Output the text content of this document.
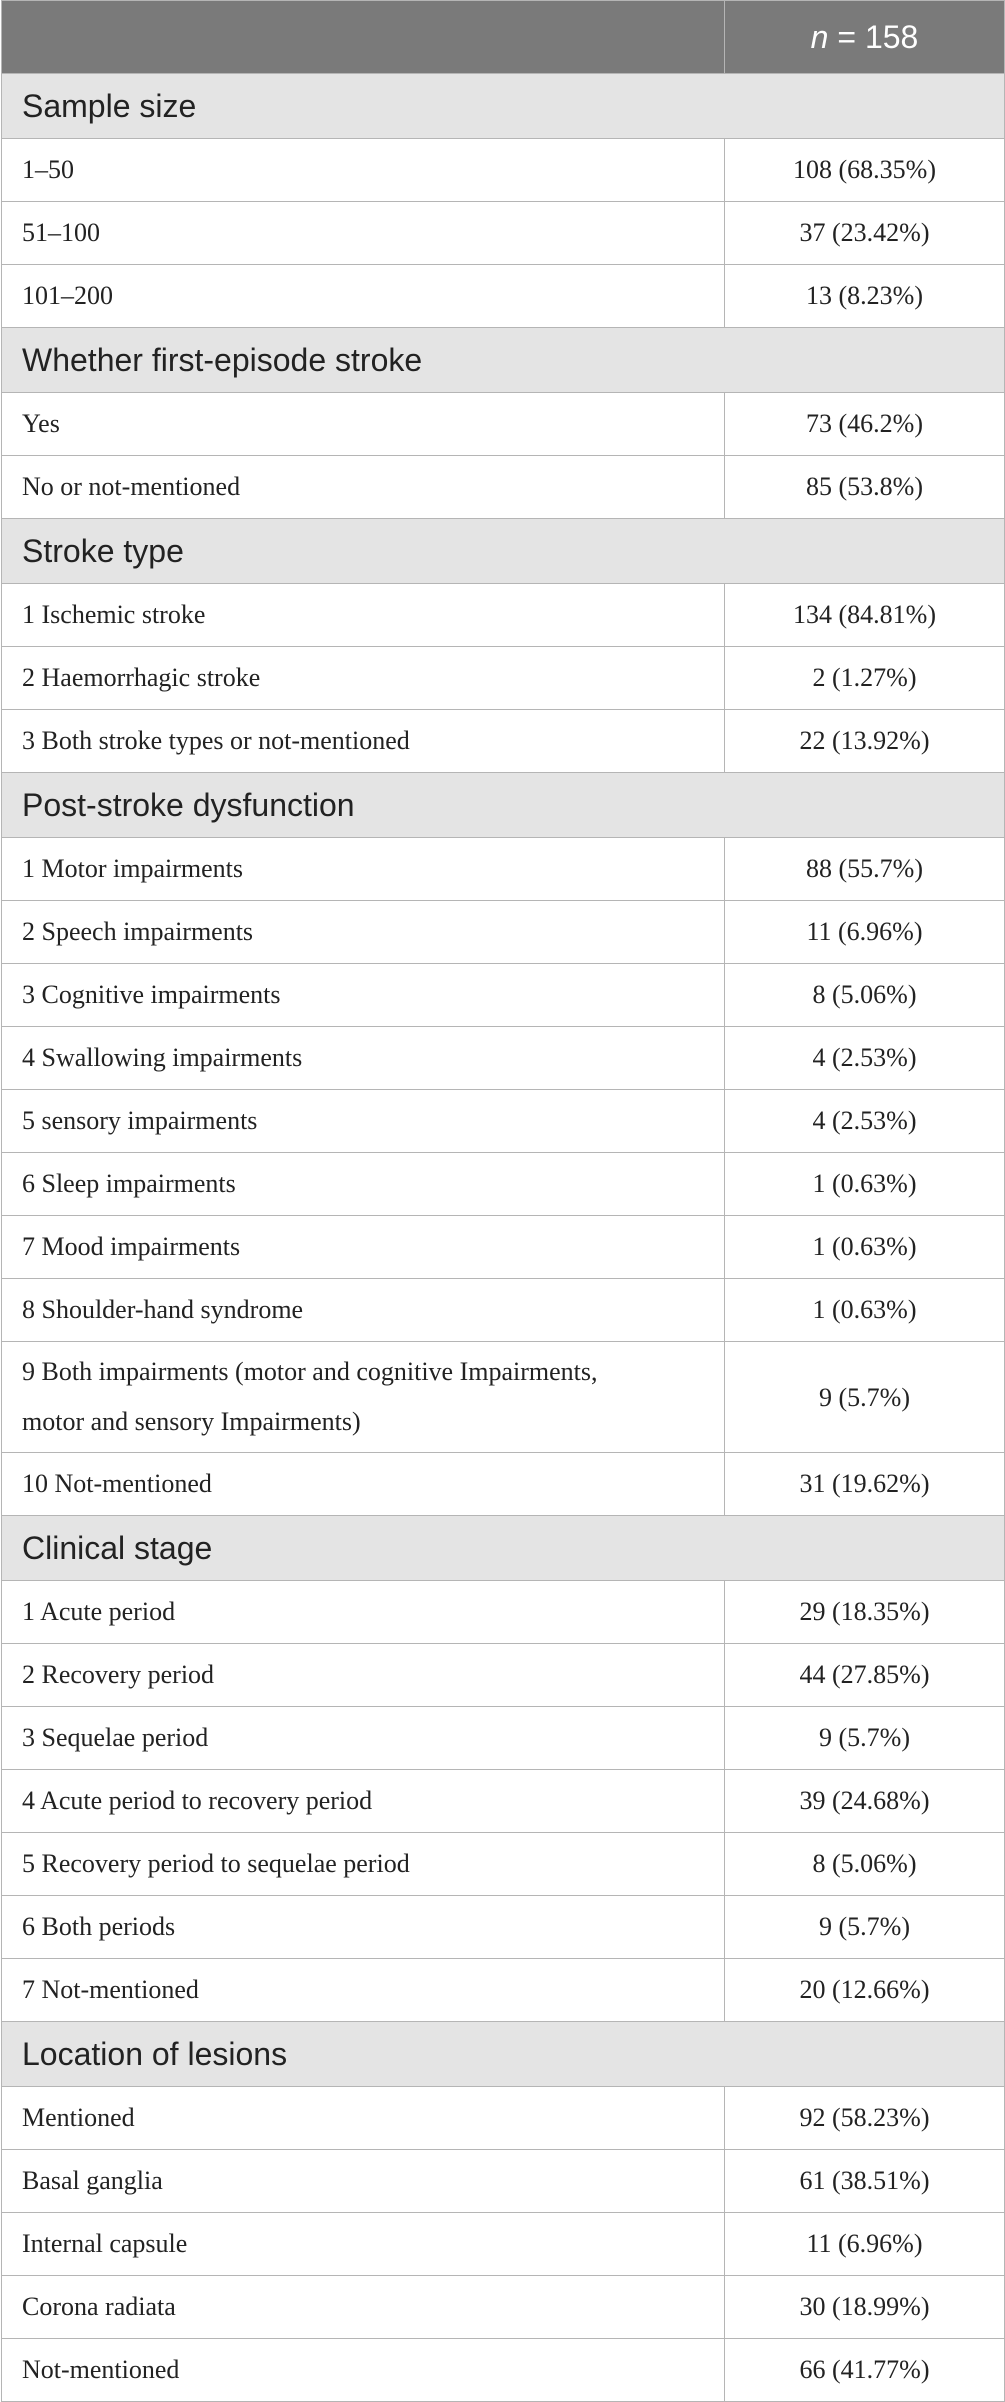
	n = 158
Sample size	
1–50	108 (68.35%)
51–100	37 (23.42%)
101–200	13 (8.23%)
Whether first-episode stroke	
Yes	73 (46.2%)
No or not-mentioned	85 (53.8%)
Stroke type	
1 Ischemic stroke	134 (84.81%)
2 Haemorrhagic stroke	2 (1.27%)
3 Both stroke types or not-mentioned	22 (13.92%)
Post-stroke dysfunction	
1 Motor impairments	88 (55.7%)
2 Speech impairments	11 (6.96%)
3 Cognitive impairments	8 (5.06%)
4 Swallowing impairments	4 (2.53%)
5 sensory impairments	4 (2.53%)
6 Sleep impairments	1 (0.63%)
7 Mood impairments	1 (0.63%)
8 Shoulder-hand syndrome	1 (0.63%)

9 Both impairments (motor and cognitive Impairments,
motor and sensory Impairments)	9 (5.7%)
10 Not-mentioned	31 (19.62%)
Clinical stage	
1 Acute period	29 (18.35%)
2 Recovery period	44 (27.85%)
3 Sequelae period	9 (5.7%)
4 Acute period to recovery period	39 (24.68%)
5 Recovery period to sequelae period	8 (5.06%)
6 Both periods	9 (5.7%)
7 Not-mentioned	20 (12.66%)
Location of lesions	
Mentioned	92 (58.23%)
Basal ganglia	61 (38.51%)
Internal capsule	11 (6.96%)
Corona radiata	30 (18.99%)
Not-mentioned	66 (41.77%)
